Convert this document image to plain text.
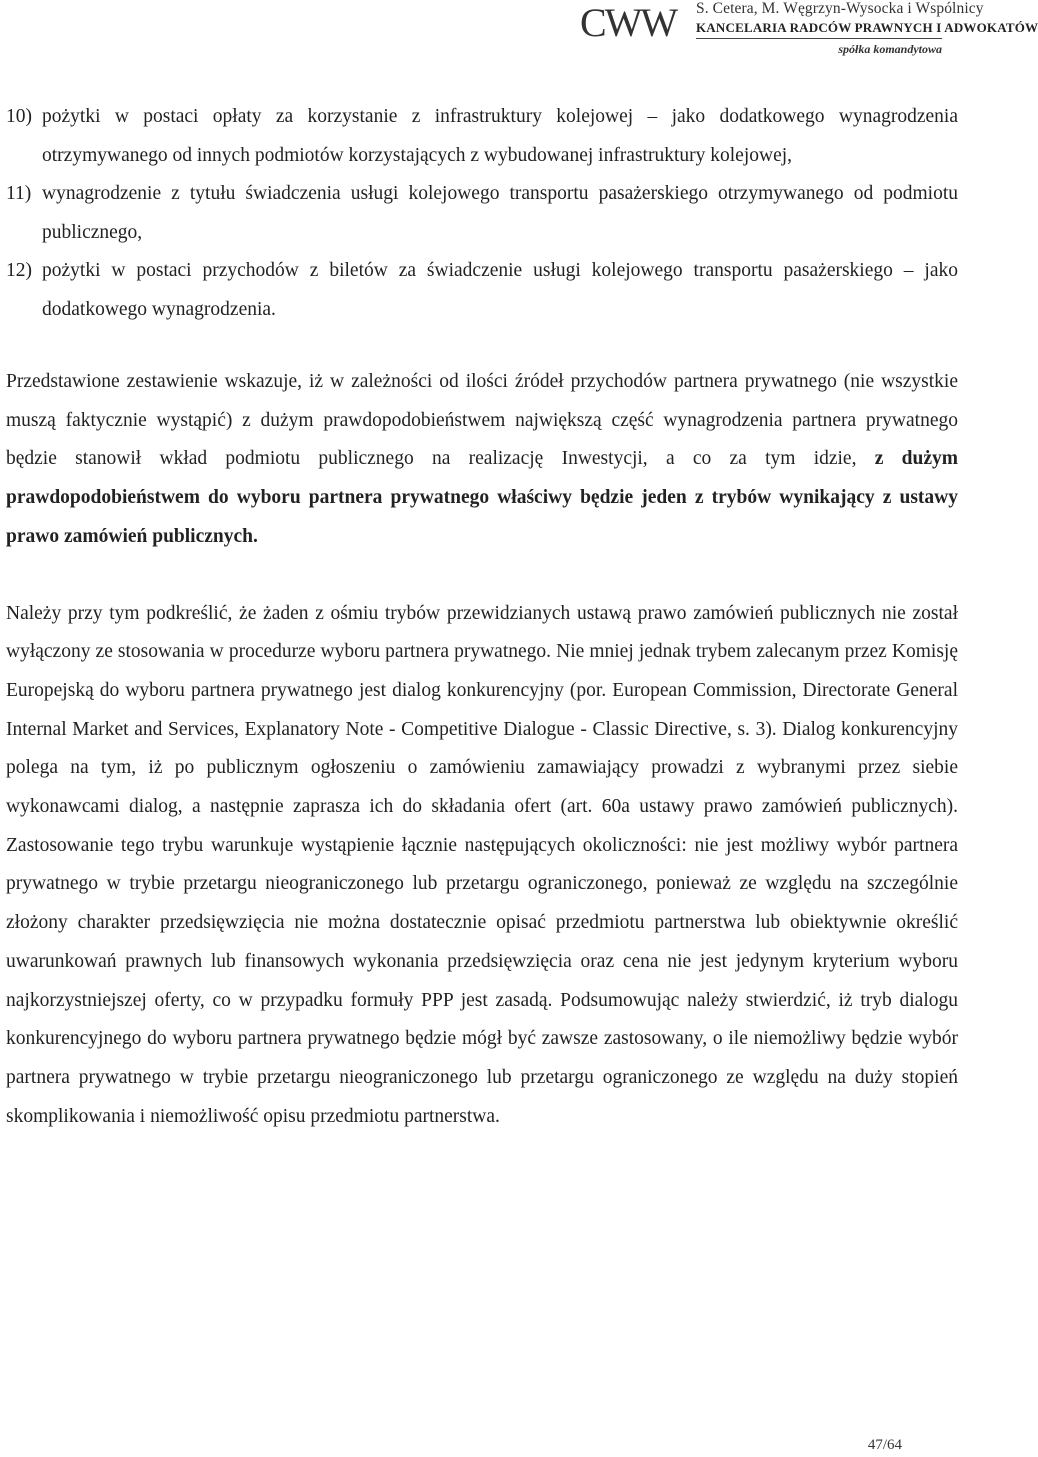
CWW S. Cetera, M. Węgrzyn-Wysocka i Wspólnicy
KANCELARIA RADCÓW PRAWNYCH I ADWOKATÓW
spółka komandytowa
10) pożytki w postaci opłaty za korzystanie z infrastruktury kolejowej – jako dodatkowego wynagrodzenia otrzymywanego od innych podmiotów korzystających z wybudowanej infrastruktury kolejowej,
11) wynagrodzenie z tytułu świadczenia usługi kolejowego transportu pasażerskiego otrzymywanego od podmiotu publicznego,
12) pożytki w postaci przychodów z biletów za świadczenie usługi kolejowego transportu pasażerskiego – jako dodatkowego wynagrodzenia.

Przedstawione zestawienie wskazuje, iż w zależności od ilości źródeł przychodów partnera prywatnego (nie wszystkie muszą faktycznie wystąpić) z dużym prawdopodobieństwem największą część wynagrodzenia partnera prywatnego będzie stanowił wkład podmiotu publicznego na realizację Inwestycji, a co za tym idzie, z dużym prawdopodobieństwem do wyboru partnera prywatnego właściwy będzie jeden z trybów wynikający z ustawy prawo zamówień publicznych.

Należy przy tym podkreślić, że żaden z ośmiu trybów przewidzianych ustawą prawo zamówień publicznych nie został wyłączony ze stosowania w procedurze wyboru partnera prywatnego. Nie mniej jednak trybem zalecanym przez Komisję Europejską do wyboru partnera prywatnego jest dialog konkurencyjny (por. European Commission, Directorate General Internal Market and Services, Explanatory Note - Competitive Dialogue - Classic Directive, s. 3). Dialog konkurencyjny polega na tym, iż po publicznym ogłoszeniu o zamówieniu zamawiający prowadzi z wybranymi przez siebie wykonawcami dialog, a następnie zaprasza ich do składania ofert (art. 60a ustawy prawo zamówień publicznych). Zastosowanie tego trybu warunkuje wystąpienie łącznie następujących okoliczności: nie jest możliwy wybór partnera prywatnego w trybie przetargu nieograniczonego lub przetargu ograniczonego, ponieważ ze względu na szczególnie złożony charakter przedsięwzięcia nie można dostatecznie opisać przedmiotu partnerstwa lub obiektywnie określić uwarunkowań prawnych lub finansowych wykonania przedsięwzięcia oraz cena nie jest jedynym kryterium wyboru najkorzystniejszej oferty, co w przypadku formuły PPP jest zasadą. Podsumowując należy stwierdzić, iż tryb dialogu konkurencyjnego do wyboru partnera prywatnego będzie mógł być zawsze zastosowany, o ile niemożliwy będzie wybór partnera prywatnego w trybie przetargu nieograniczonego lub przetargu ograniczonego ze względu na duży stopień skomplikowania i niemożliwość opisu przedmiotu partnerstwa.

47/64
